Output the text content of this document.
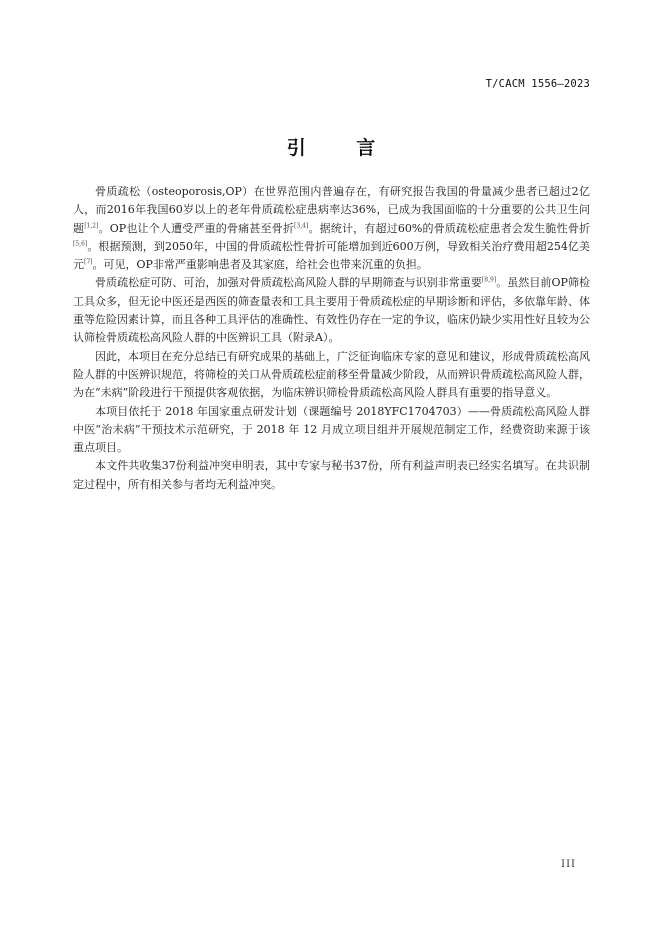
T/CACM 1556—2023
引 言

骨质疏松（osteoporosis,OP）在世界范围内普遍存在，有研究报告我国的骨量减少患者已超过2亿人，而2016年我国60岁以上的老年骨质疏松症患病率达36%，已成为我国面临的十分重要的公共卫生问题[1,2]。OP也让个人遭受严重的骨痛甚至骨折[3,4]。据统计，有超过60%的骨质疏松症患者会发生脆性骨折[5,6]。根据预测，到2050年，中国的骨质疏松性骨折可能增加到近600万例，导致相关治疗费用超254亿美元[7]。可见，OP非常严重影响患者及其家庭，给社会也带来沉重的负担。

骨质疏松症可防、可治，加强对骨质疏松高风险人群的早期筛查与识别非常重要[8,9]。虽然目前OP筛检工具众多，但无论中医还是西医的筛查量表和工具主要用于骨质疏松症的早期诊断和评估，多依靠年龄、体重等危险因素计算，而且各种工具评估的准确性、有效性仍存在一定的争议，临床仍缺少实用性好且较为公认筛检骨质疏松高风险人群的中医辨识工具（附录A）。

因此，本项目在充分总结已有研究成果的基础上，广泛征询临床专家的意见和建议，形成骨质疏松高风险人群的中医辨识规范，将筛检的关口从骨质疏松症前移至骨量减少阶段，从而辨识骨质疏松高风险人群，为在“未病”阶段进行干预提供客观依据，为临床辨识筛检骨质疏松高风险人群具有重要的指导意义。

本项目依托于 2018 年国家重点研发计划（课题编号 2018YFC1704703）——骨质疏松高风险人群中医“治未病”干预技术示范研究，于 2018 年 12 月成立项目组并开展规范制定工作，经费资助来源于该重点项目。

本文件共收集37份利益冲突申明表，其中专家与秘书37份，所有利益声明表已经实名填写。在共识制定过程中，所有相关参与者均无利益冲突。

III
